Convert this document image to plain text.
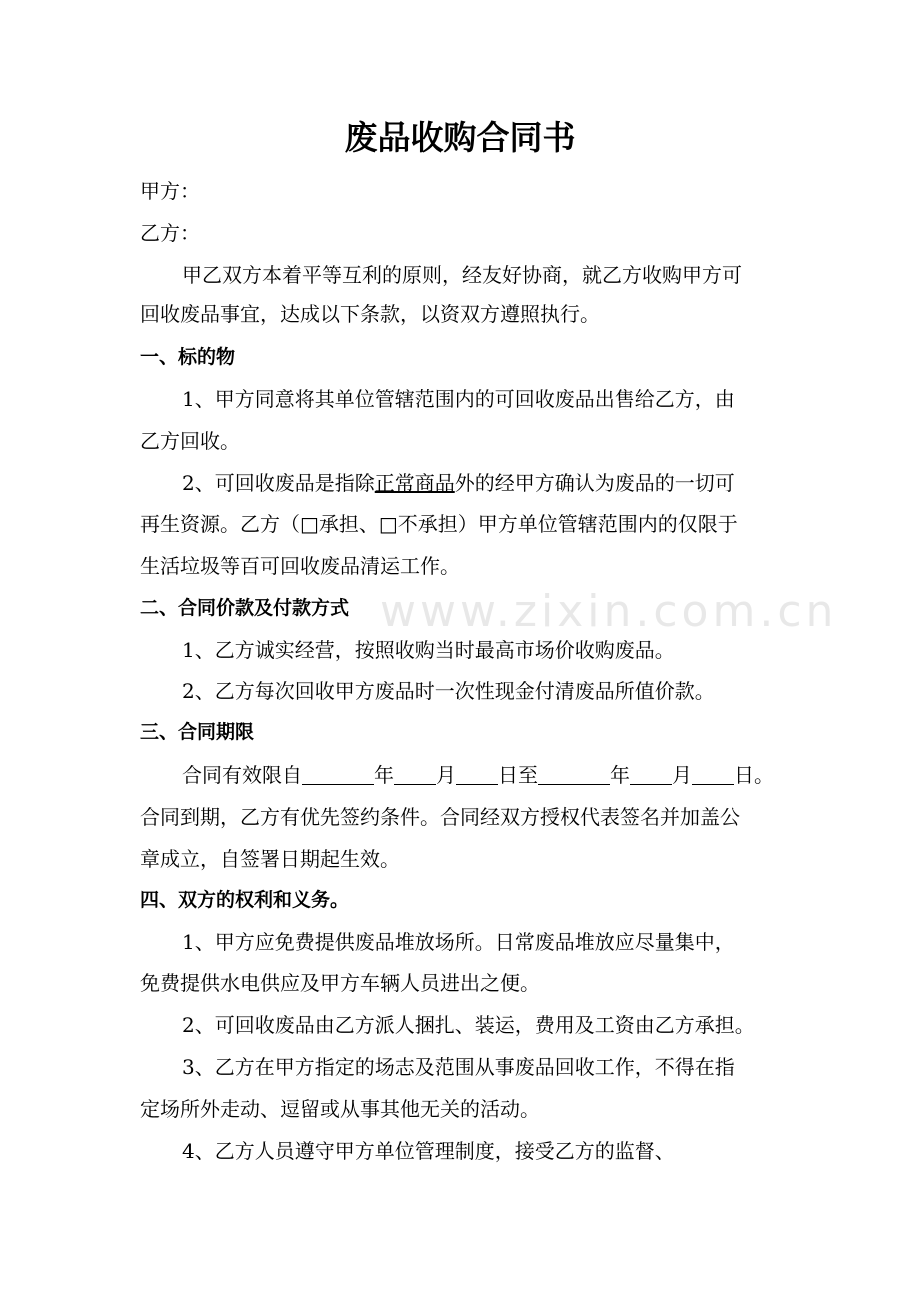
www.zixin.com.cn
废品收购合同书
甲方：
乙方：
甲乙双方本着平等互利的原则，经友好协商，就乙方收购甲方可
回收废品事宜，达成以下条款，以资双方遵照执行。
一、标的物
1、甲方同意将其单位管辖范围内的可回收废品出售给乙方，由
乙方回收。
2、可回收废品是指除正常商品外的经甲方确认为废品的一切可
再生资源。乙方（□承担、□不承担）甲方单位管辖范围内的仅限于
生活垃圾等百可回收废品清运工作。
二、合同价款及付款方式
1、乙方诚实经营，按照收购当时最高市场价收购废品。
2、乙方每次回收甲方废品时一次性现金付清废品所值价款。
三、合同期限
合同有效限自	年 月 日至	年 月 日。
合同到期，乙方有优先签约条件。合同经双方授权代表签名并加盖公
章成立，自签署日期起生效。
四、双方的权利和义务。
1、甲方应免费提供废品堆放场所。日常废品堆放应尽量集中，
免费提供水电供应及甲方车辆人员进出之便。
2、可回收废品由乙方派人捆扎、装运，费用及工资由乙方承担。
3、乙方在甲方指定的场志及范围从事废品回收工作，不得在指
定场所外走动、逗留或从事其他无关的活动。
4、乙方人员遵守甲方单位管理制度，接受乙方的监督、
